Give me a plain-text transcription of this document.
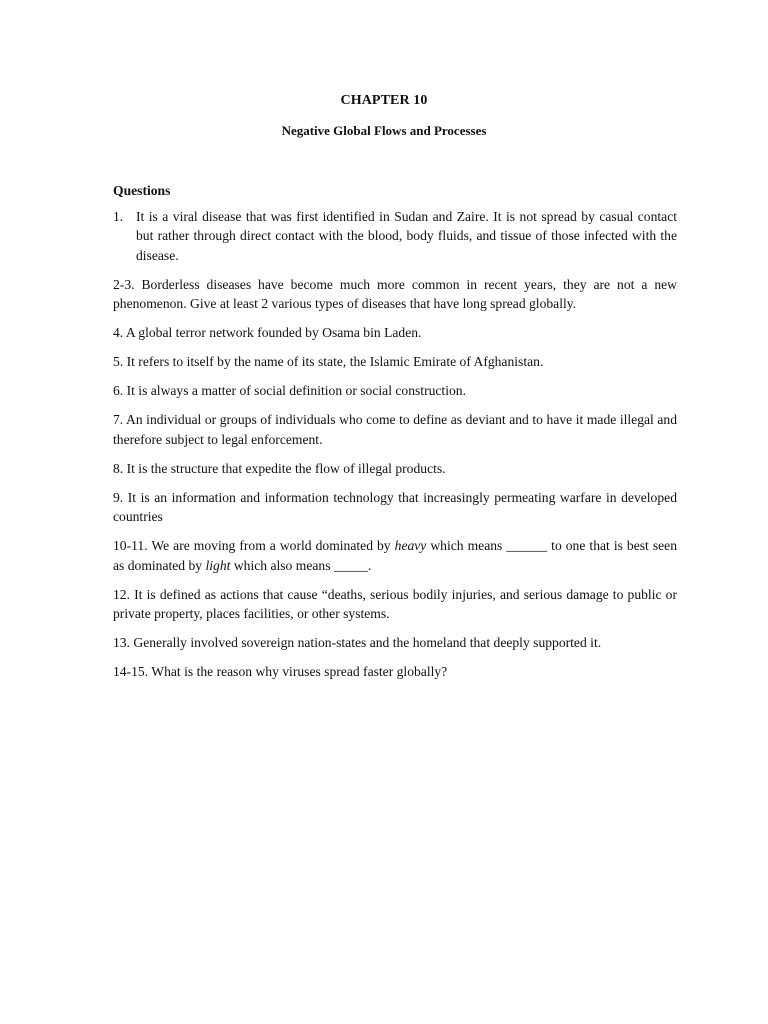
CHAPTER 10
Negative Global Flows and Processes
Questions
1. It is a viral disease that was first identified in Sudan and Zaire. It is not spread by casual contact but rather through direct contact with the blood, body fluids, and tissue of those infected with the disease.

2-3. Borderless diseases have become much more common in recent years, they are not a new phenomenon. Give at least 2 various types of diseases that have long spread globally.

4. A global terror network founded by Osama bin Laden.

5. It refers to itself by the name of its state, the Islamic Emirate of Afghanistan.

6. It is always a matter of social definition or social construction.

7. An individual or groups of individuals who come to define as deviant and to have it made illegal and therefore subject to legal enforcement.

8. It is the structure that expedite the flow of illegal products.

9. It is an information and information technology that increasingly permeating warfare in developed countries

10-11. We are moving from a world dominated by heavy which means ______ to one that is best seen as dominated by light which also means _____.

12. It is defined as actions that cause “deaths, serious bodily injuries, and serious damage to public or private property, places facilities, or other systems.

13. Generally involved sovereign nation-states and the homeland that deeply supported it.

14-15. What is the reason why viruses spread faster globally?
